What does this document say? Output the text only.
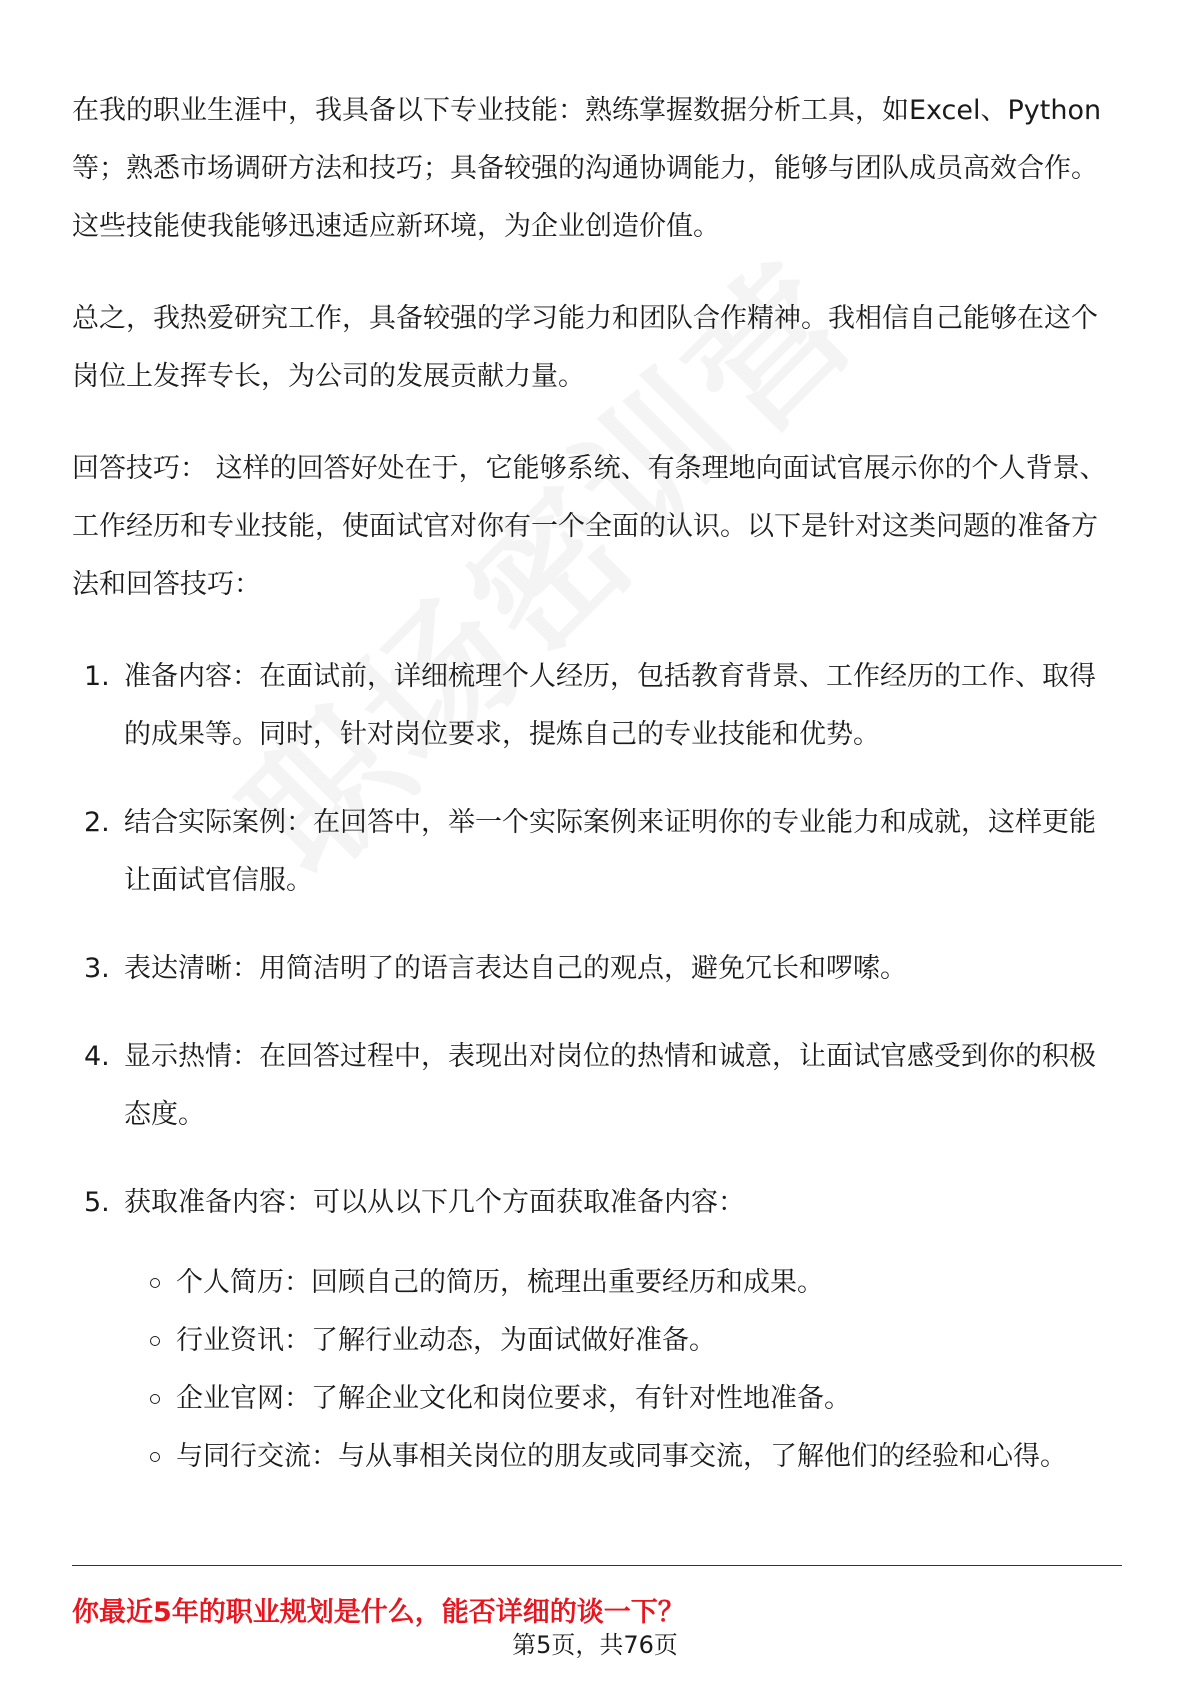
在我的职业生涯中，我具备以下专业技能：熟练掌握数据分析工具，如Excel、Python等；熟悉市场调研方法和技巧；具备较强的沟通协调能力，能够与团队成员高效合作。这些技能使我能够迅速适应新环境，为企业创造价值。

总之，我热爱研究工作，具备较强的学习能力和团队合作精神。我相信自己能够在这个岗位上发挥专长，为公司的发展贡献力量。

回答技巧： 这样的回答好处在于，它能够系统、有条理地向面试官展示你的个人背景、工作经历和专业技能，使面试官对你有一个全面的认识。以下是针对这类问题的准备方法和回答技巧：

1. 准备内容：在面试前，详细梳理个人经历，包括教育背景、工作经历的工作、取得的成果等。同时，针对岗位要求，提炼自己的专业技能和优势。
2. 结合实际案例：在回答中，举一个实际案例来证明你的专业能力和成就，这样更能让面试官信服。
3. 表达清晰：用简洁明了的语言表达自己的观点，避免冗长和啰嗦。
4. 显示热情：在回答过程中，表现出对岗位的热情和诚意，让面试官感受到你的积极态度。
5. 获取准备内容：可以从以下几个方面获取准备内容：
个人简历：回顾自己的简历，梳理出重要经历和成果。
行业资讯：了解行业动态，为面试做好准备。
企业官网：了解企业文化和岗位要求，有针对性地准备。
与同行交流：与从事相关岗位的朋友或同事交流，了解他们的经验和心得。
你最近5年的职业规划是什么，能否详细的谈一下？
第5页，共76页
